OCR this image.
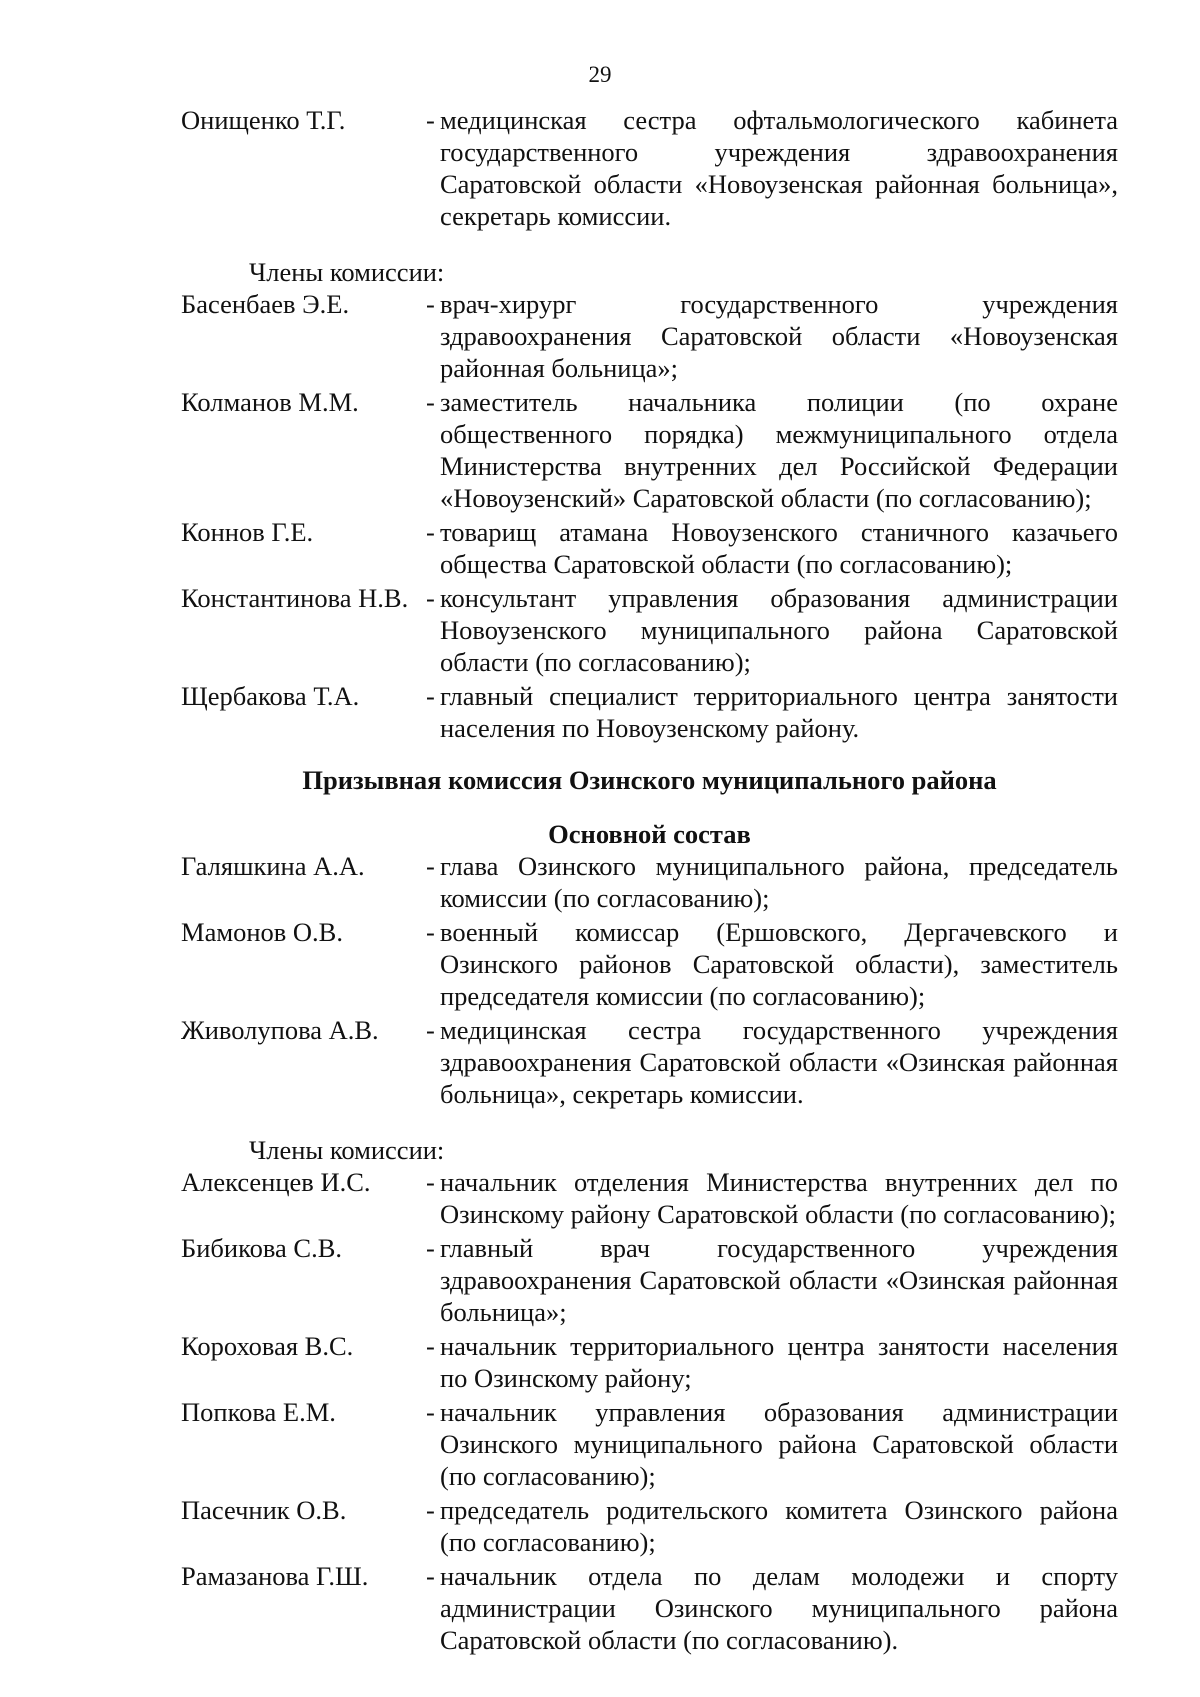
29
Онищенко Т.Г.	- медицинская сестра офтальмологического кабинета государственного учреждения здравоохранения Саратовской области «Новоузенская районная больница», секретарь комиссии.
Члены комиссии:
Басенбаев Э.Е.	- врач-хирург государственного учреждения здравоохранения Саратовской области «Новоузенская районная больница»;
Колманов М.М.	- заместитель начальника полиции (по охране общественного порядка) межмуниципального отдела Министерства внутренних дел Российской Федерации «Новоузенский» Саратовской области (по согласованию);
Коннов Г.Е.	- товарищ атамана Новоузенского станичного казачьего общества Саратовской области (по согласованию);
Константинова Н.В. - консультант управления образования администрации Новоузенского муниципального района Саратовской области (по согласованию);
Щербакова Т.А.	- главный специалист территориального центра занятости населения по Новоузенскому району.
Призывная комиссия Озинского муниципального района
Основной состав
Галяшкина А.А.	- глава Озинского муниципального района, председатель комиссии (по согласованию);
Мамонов О.В.	- военный комиссар (Ершовского, Дергачевского и Озинского районов Саратовской области), заместитель председателя комиссии (по согласованию);
Живолупова А.В.	- медицинская сестра государственного учреждения здравоохранения Саратовской области «Озинская районная больница», секретарь комиссии.
Члены комиссии:
Алексенцев И.С.	- начальник отделения Министерства внутренних дел по Озинскому району Саратовской области (по согласованию);
Бибикова С.В.	- главный врач государственного учреждения здравоохранения Саратовской области «Озинская районная больница»;
Короховая В.С.	- начальник территориального центра занятости населения по Озинскому району;
Попкова Е.М.	- начальник управления образования администрации Озинского муниципального района Саратовской области (по согласованию);
Пасечник О.В.	- председатель родительского комитета Озинского района (по согласованию);
Рамазанова Г.Ш.	- начальник отдела по делам молодежи и спорту администрации Озинского муниципального района Саратовской области (по согласованию).
